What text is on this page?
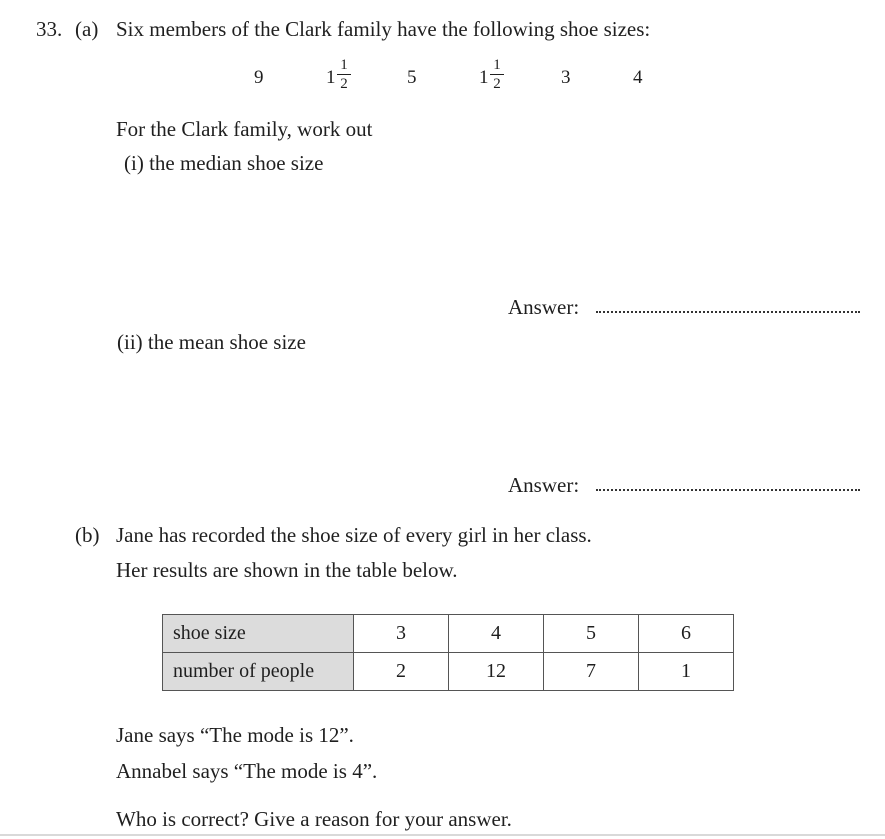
33. (a) Six members of the Clark family have the following shoe sizes:
9	1
1
2	5	1
1
2	3	4
For the Clark family, work out
(i) the median shoe size
Answer:
(ii) the mean shoe size
Answer:
(b) Jane has recorded the shoe size of every girl in her class.
Her results are shown in the table below.
shoe size	3	4	5	6
number of people	2	12	7	1
Jane says “The mode is 12”.
Annabel says “The mode is 4”.
Who is correct? Give a reason for your answer.
